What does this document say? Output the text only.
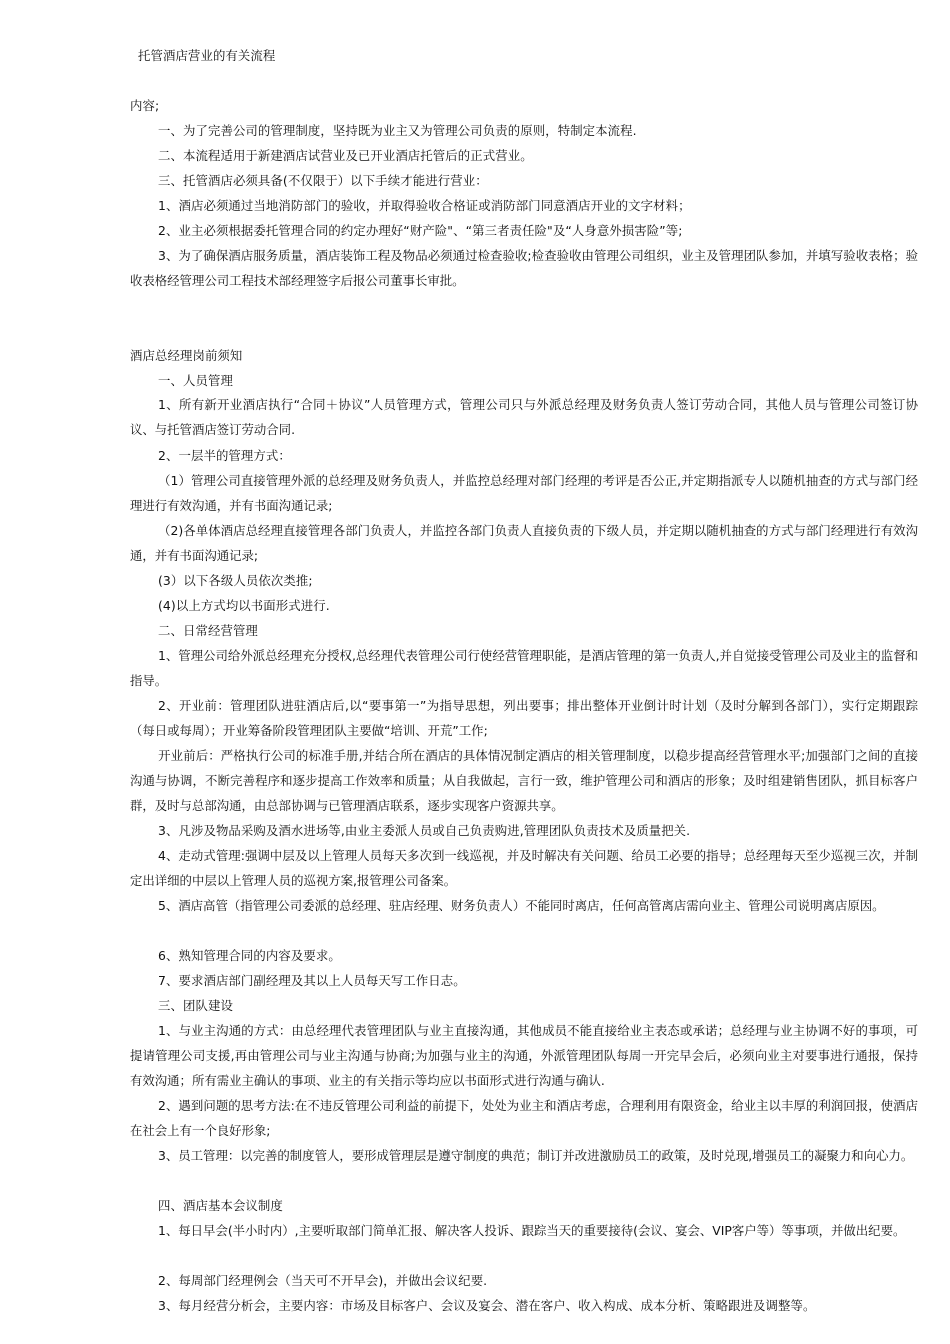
托管酒店营业的有关流程
内容;
一、为了完善公司的管理制度，坚持既为业主又为管理公司负责的原则，特制定本流程.
二、本流程适用于新建酒店试营业及已开业酒店托管后的正式营业。
三、托管酒店必须具备(不仅限于）以下手续才能进行营业：
1、酒店必须通过当地消防部门的验收，并取得验收合格证或消防部门同意酒店开业的文字材料；
2、业主必须根据委托管理合同的约定办理好“财产险"、“第三者责任险"及“人身意外损害险”等;
3、为了确保酒店服务质量，酒店装饰工程及物品必须通过检查验收;检查验收由管理公司组织，业主及管理团队参加，并填写验收表格；验收表格经管理公司工程技术部经理签字后报公司董事长审批。
酒店总经理岗前须知
一、人员管理
1、所有新开业酒店执行“合同＋协议”人员管理方式，管理公司只与外派总经理及财务负责人签订劳动合同，其他人员与管理公司签订协议、与托管酒店签订劳动合同.
2、一层半的管理方式：
（1）管理公司直接管理外派的总经理及财务负责人，并监控总经理对部门经理的考评是否公正,并定期指派专人以随机抽查的方式与部门经理进行有效沟通，并有书面沟通记录;
（2)各单体酒店总经理直接管理各部门负责人，并监控各部门负责人直接负责的下级人员，并定期以随机抽查的方式与部门经理进行有效沟通，并有书面沟通记录;
(3）以下各级人员依次类推;
(4)以上方式均以书面形式进行.
二、日常经营管理
1、管理公司给外派总经理充分授权,总经理代表管理公司行使经营管理职能，是酒店管理的第一负责人,并自觉接受管理公司及业主的监督和指导。
2、开业前：管理团队进驻酒店后,以“要事第一”为指导思想，列出要事；排出整体开业倒计时计划（及时分解到各部门），实行定期跟踪（每日或每周）；开业筹备阶段管理团队主要做“培训、开荒”工作;
开业前后：严格执行公司的标准手册,并结合所在酒店的具体情况制定酒店的相关管理制度，以稳步提高经营管理水平;加强部门之间的直接沟通与协调，不断完善程序和逐步提高工作效率和质量；从自我做起，言行一致，维护管理公司和酒店的形象；及时组建销售团队，抓目标客户群，及时与总部沟通，由总部协调与已管理酒店联系，逐步实现客户资源共享。
3、凡涉及物品采购及酒水进场等,由业主委派人员或自己负责购进,管理团队负责技术及质量把关.
4、走动式管理:强调中层及以上管理人员每天多次到一线巡视，并及时解决有关问题、给员工必要的指导；总经理每天至少巡视三次，并制定出详细的中层以上管理人员的巡视方案,报管理公司备案。
5、酒店高管（指管理公司委派的总经理、驻店经理、财务负责人）不能同时离店，任何高管离店需向业主、管理公司说明离店原因。
6、熟知管理合同的内容及要求。
7、要求酒店部门副经理及其以上人员每天写工作日志。
三、团队建设
1、与业主沟通的方式：由总经理代表管理团队与业主直接沟通，其他成员不能直接给业主表态或承诺；总经理与业主协调不好的事项，可提请管理公司支援,再由管理公司与业主沟通与协商;为加强与业主的沟通，外派管理团队每周一开完早会后，必须向业主对要事进行通报，保持有效沟通；所有需业主确认的事项、业主的有关指示等均应以书面形式进行沟通与确认.
2、遇到问题的思考方法:在不违反管理公司利益的前提下，处处为业主和酒店考虑，合理利用有限资金，给业主以丰厚的利润回报，使酒店在社会上有一个良好形象;
3、员工管理：以完善的制度管人，要形成管理层是遵守制度的典范；制订并改进激励员工的政策，及时兑现,增强员工的凝聚力和向心力。
四、酒店基本会议制度
1、每日早会(半小时内）,主要听取部门简单汇报、解决客人投诉、跟踪当天的重要接待(会议、宴会、VIP客户等）等事项，并做出纪要。
2、每周部门经理例会（当天可不开早会)，并做出会议纪要.
3、每月经营分析会，主要内容：市场及目标客户、会议及宴会、潜在客户、收入构成、成本分析、策略跟进及调整等。
